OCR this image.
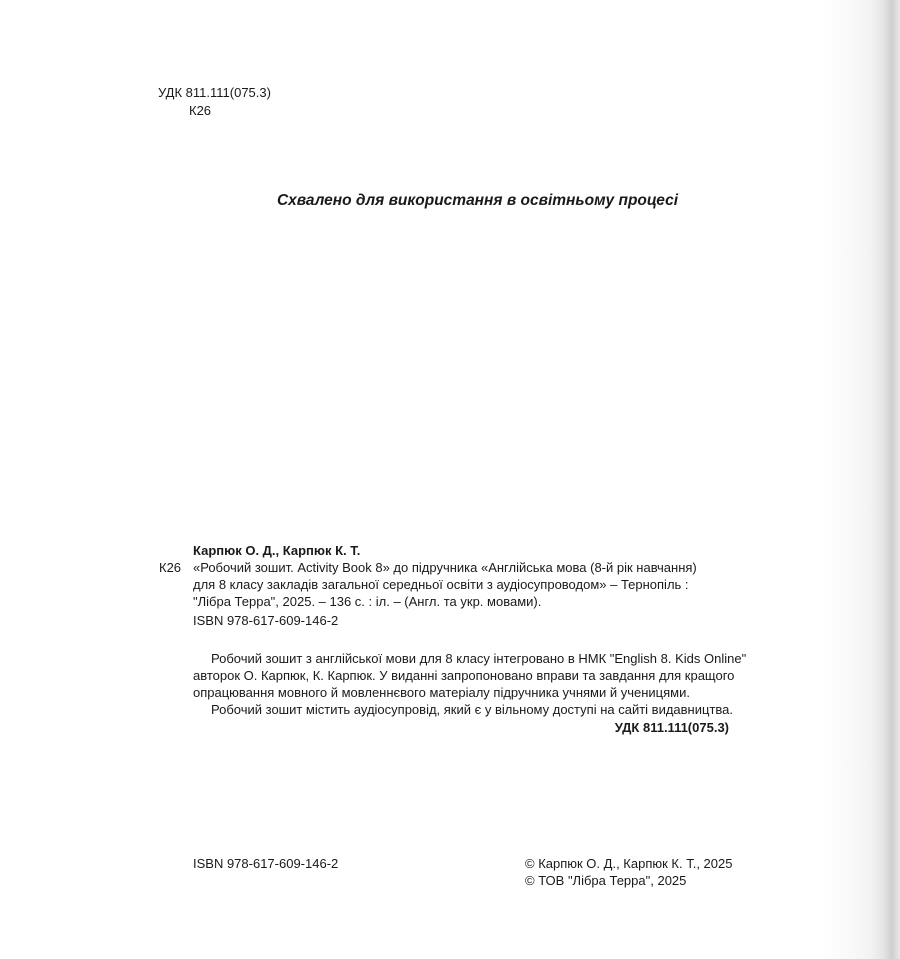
УДК 811.111(075.3)
К26
Схвалено для використання в освітньому процесі
Карпюк О. Д., Карпюк К. Т.
К26 «Робочий зошит. Activity Book 8» до підручника «Англійська мова (8-й рік навчання)
для 8 класу закладів загальної середньої освіти з аудіосупроводом» – Тернопіль :
"Лібра Терра", 2025. – 136 с. : іл. – (Англ. та укр. мовами).
ISBN 978-617-609-146-2
Робочий зошит з англійської мови для 8 класу інтегровано в НМК "English 8. Kids Online"
авторок О. Карпюк, К. Карпюк. У виданні запропоновано вправи та завдання для кращого
опрацювання мовного й мовленнєвого матеріалу підручника учнями й ученицями.
Робочий зошит містить аудіосупровід, який є у вільному доступі на сайті видавництва.
УДК 811.111(075.3)
ISBN 978-617-609-146-2	© Карпюк О. Д., Карпюк К. Т., 2025
© ТОВ "Лібра Терра", 2025
